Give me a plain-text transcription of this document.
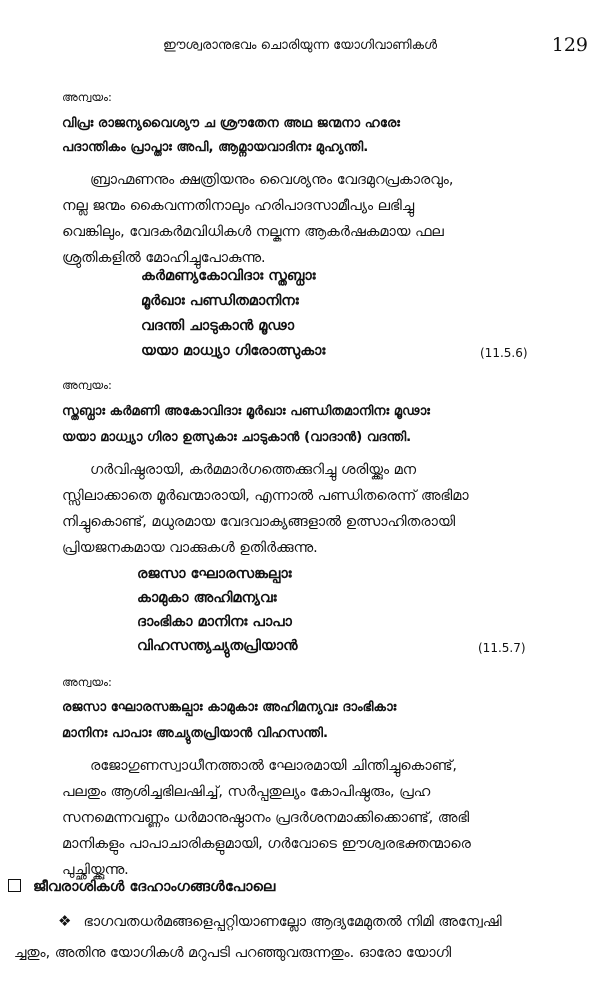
ഈശ്വരാനുഭവം ചൊരിയുന്ന യോഗിവാണികൾ	129
അന്വയം:
വിപ്രഃ രാജന്യവൈശ്യൗ ച ശ്രൗതേന അഥ ജന്മനാ ഹരേഃ
പദാന്തികം പ്രാപ്താഃ അപി, ആമ്നായവാദിനഃ മുഹ്യന്തി.

ബ്രാഹ്മണനും ക്ഷത്രിയനും വൈശ്യനും വേദമുറപ്രകാരവും,

നല്ല ജന്മം കൈവന്നതിനാലും ഹരിപാദസാമീപ്യം ലഭിച്ചു

വെങ്കിലും, വേദകർമവിധികൾ നല്കുന്ന ആകർഷകമായ ഫല

ശ്രുതികളിൽ മോഹിച്ചുപോകുന്നു.

കർമണ്യകോവിദാഃ സ്തബ്ധാഃ
മൂർഖാഃ പണ്ഡിതമാനിനഃ
വദന്തി ചാടുകാൻ മൂഢാ
യയാ മാധ്വ്യാ ഗിരോത്സുകാഃ	(11.5.6)
അന്വയം:
സ്തബ്ധാഃ കർമണി അകോവിദാഃ മൂർഖാഃ പണ്ഡിതമാനിനഃ മൂഢാഃ
യയാ മാധ്വ്യാ ഗിരാ ഉത്സുകാഃ ചാടുകാൻ (വാദാൻ) വദന്തി.

ഗർവിഷ്ഠരായി, കർമമാർഗത്തെക്കുറിച്ചു ശരിയ്ക്കും മന

സ്സിലാക്കാതെ മൂർഖന്മാരായി, എന്നാൽ പണ്ഡിതരെന്ന് അഭിമാ

നിച്ചുകൊണ്ട്, മധുരമായ വേദവാക്യങ്ങളാൽ ഉത്സാഹിതരായി

പ്രിയജനകമായ വാക്കുകൾ ഉതിർക്കുന്നു.

രജസാ ഘോരസങ്കല്പാഃ
കാമുകാ അഹിമന്യവഃ
ദാംഭികാ മാനിനഃ പാപാ
വിഹസന്ത്യച്യുതപ്രിയാൻ	(11.5.7)
അന്വയം:
രജസാ ഘോരസങ്കല്പാഃ കാമുകാഃ അഹിമന്യവഃ ദാംഭികാഃ
മാനിനഃ പാപാഃ അച്യുതപ്രിയാൻ വിഹസന്തി.

രജോഗുണസ്വാധീനത്താൽ ഘോരമായി ചിന്തിച്ചുകൊണ്ട്,

പലതും ആശിച്ചഭിലഷിച്ച്, സർപ്പതുല്യം കോപിഷ്ഠരും, പ്രഹ

സനമെന്നവണ്ണം ധർമാനുഷ്ഠാനം പ്രദർശനമാക്കിക്കൊണ്ട്, അഭി

മാനികളും പാപാചാരികളുമായി, ഗർവോടെ ഈശ്വരഭക്തന്മാരെ

പുച്ഛിയ്ക്കുന്നു.

ജീവരാശികൾ ദേഹാംഗങ്ങൾപോലെ

❖ ഭാഗവതധർമങ്ങളെപ്പറ്റിയാണല്ലോ ആദ്യമേമുതൽ നിമി അന്വേഷി

ച്ചതും, അതിനു യോഗികൾ മറുപടി പറഞ്ഞുവരുന്നതും. ഓരോ യോഗി
